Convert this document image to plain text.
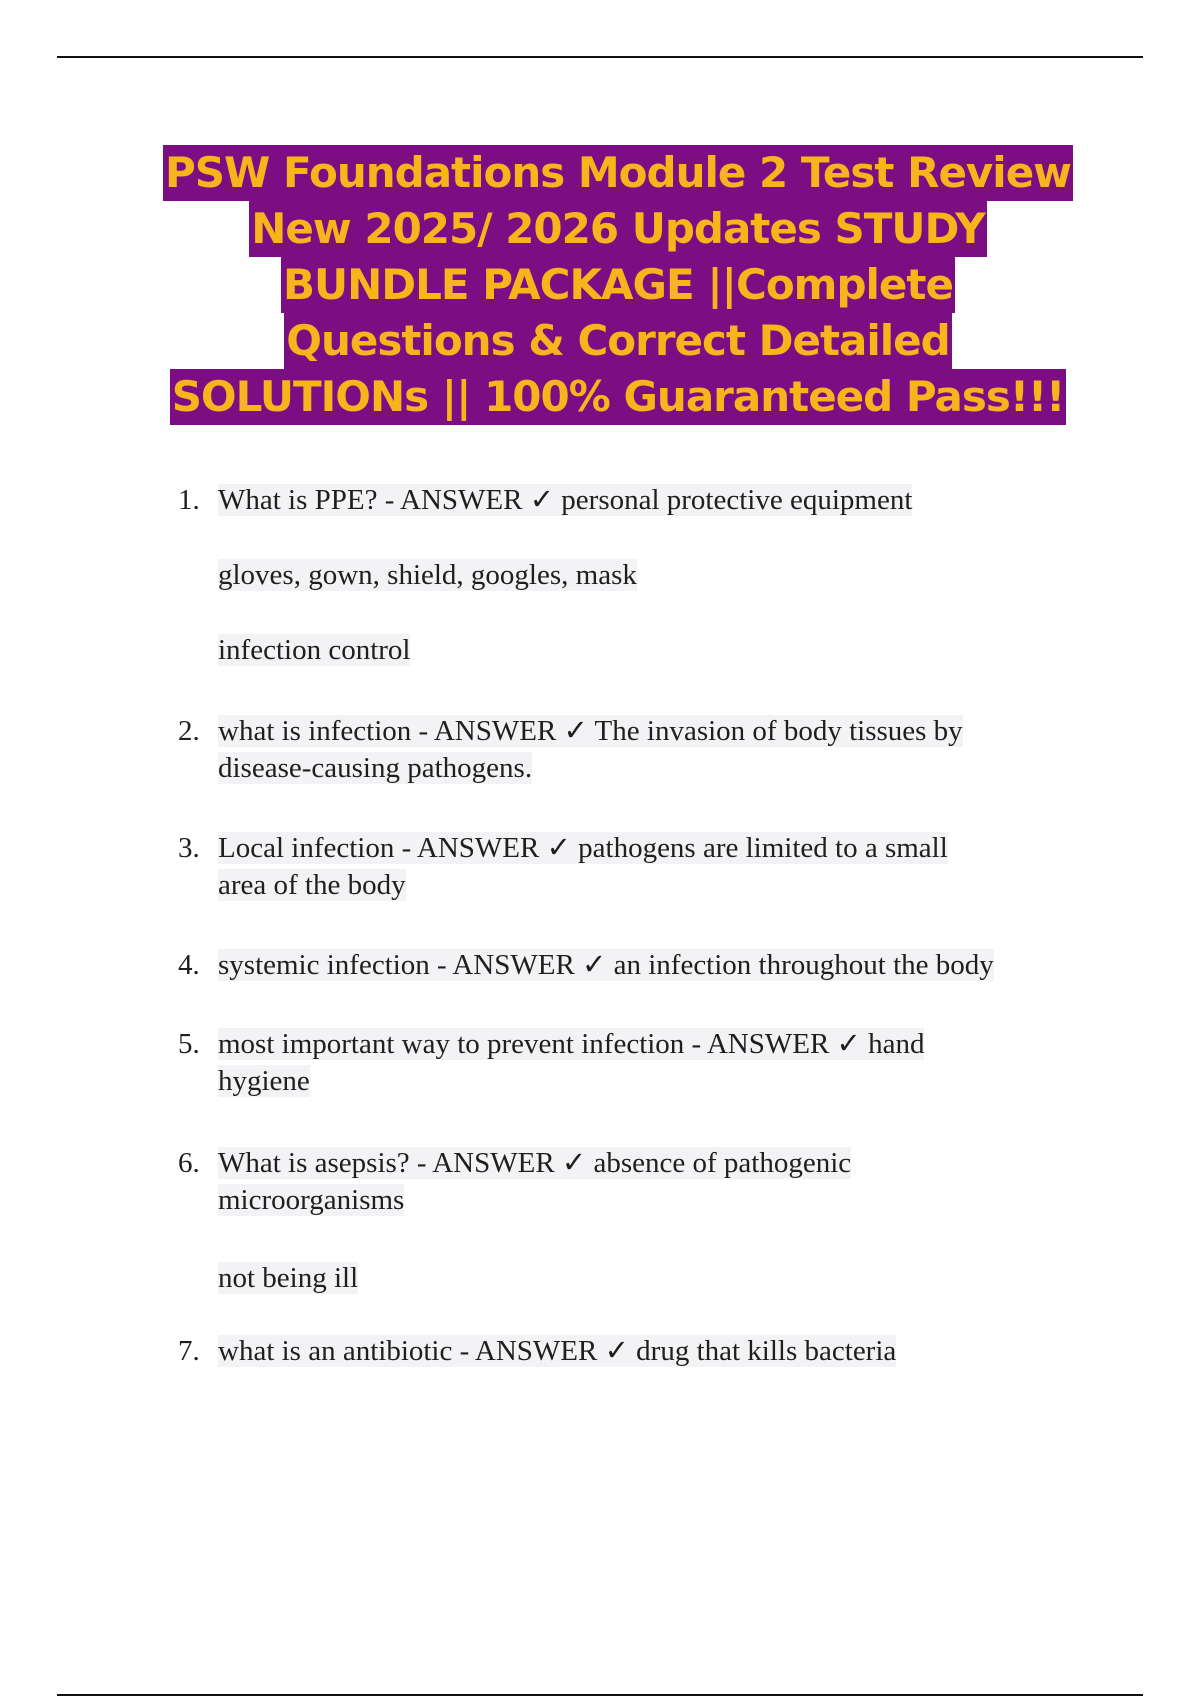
PSW Foundations Module 2 Test Review
New 2025/ 2026 Updates STUDY
BUNDLE PACKAGE ||Complete
Questions & Correct Detailed
SOLUTIONs || 100% Guaranteed Pass!!!
1. What is PPE? - ANSWER ✓ personal protective equipment
gloves, gown, shield, googles, mask
infection control
2. what is infection - ANSWER ✓ The invasion of body tissues by
disease-causing pathogens.
3. Local infection - ANSWER ✓ pathogens are limited to a small
area of the body
4. systemic infection - ANSWER ✓ an infection throughout the body
5. most important way to prevent infection - ANSWER ✓ hand
hygiene
6. What is asepsis? - ANSWER ✓ absence of pathogenic
microorganisms
not being ill
7. what is an antibiotic - ANSWER ✓ drug that kills bacteria
